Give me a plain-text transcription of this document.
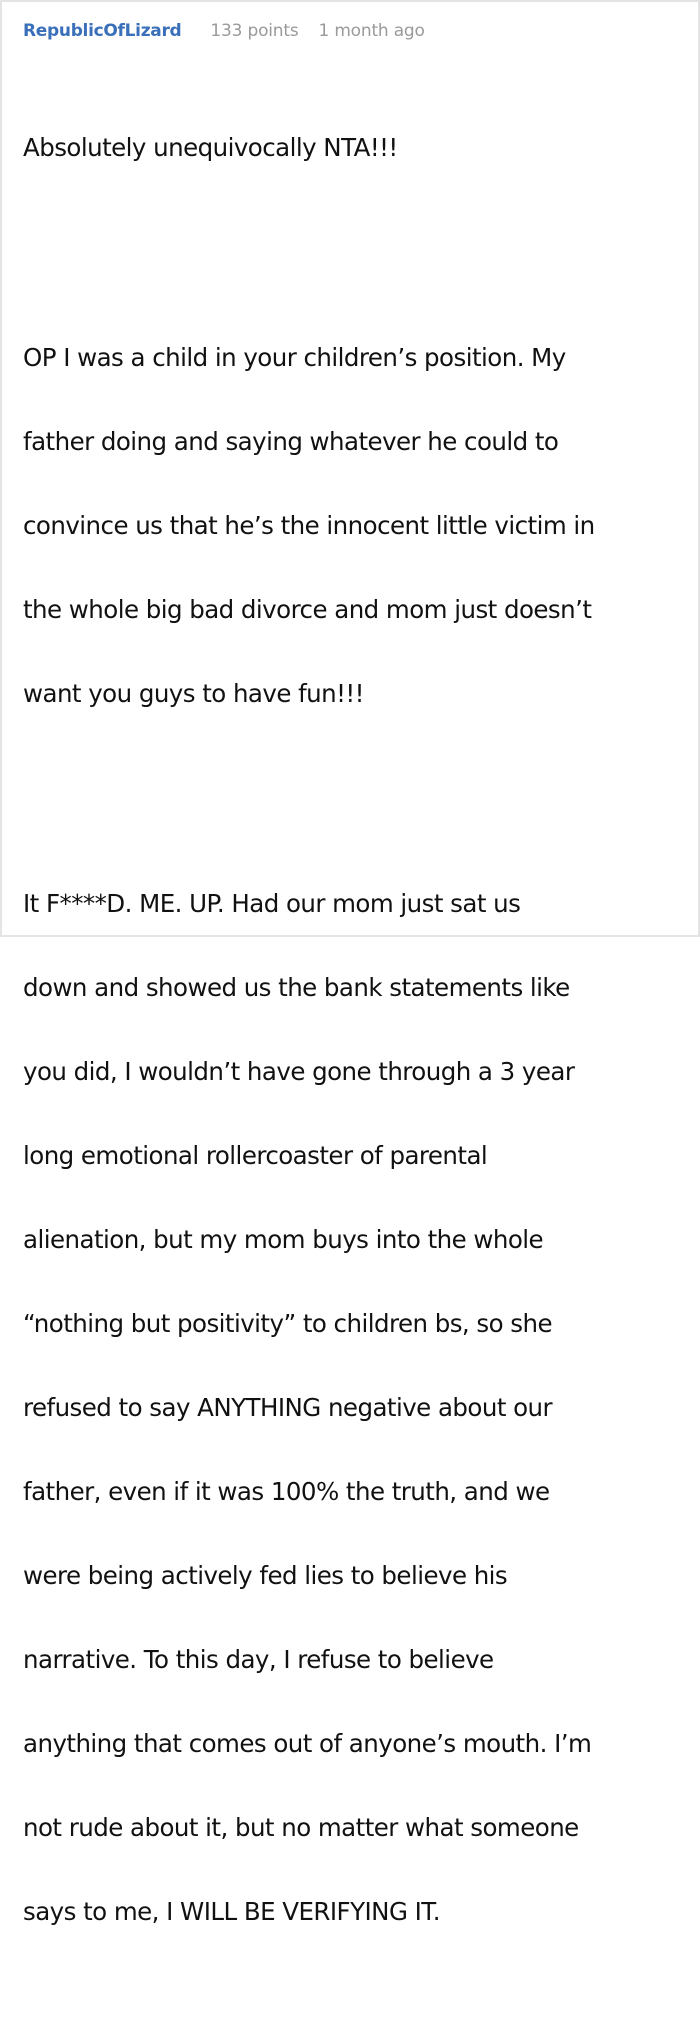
RepublicOfLizard 133 points 1 month ago

Absolutely unequivocally NTA!!!

OP I was a child in your children’s position. My

father doing and saying whatever he could to

convince us that he’s the innocent little victim in

the whole big bad divorce and mom just doesn’t

want you guys to have fun!!!

It F****D. ME. UP. Had our mom just sat us

down and showed us the bank statements like

you did, I wouldn’t have gone through a 3 year

long emotional rollercoaster of parental

alienation, but my mom buys into the whole

“nothing but positivity” to children bs, so she

refused to say ANYTHING negative about our

father, even if it was 100% the truth, and we

were being actively fed lies to believe his

narrative. To this day, I refuse to believe

anything that comes out of anyone’s mouth. I’m

not rude about it, but no matter what someone

says to me, I WILL BE VERIFYING IT.
